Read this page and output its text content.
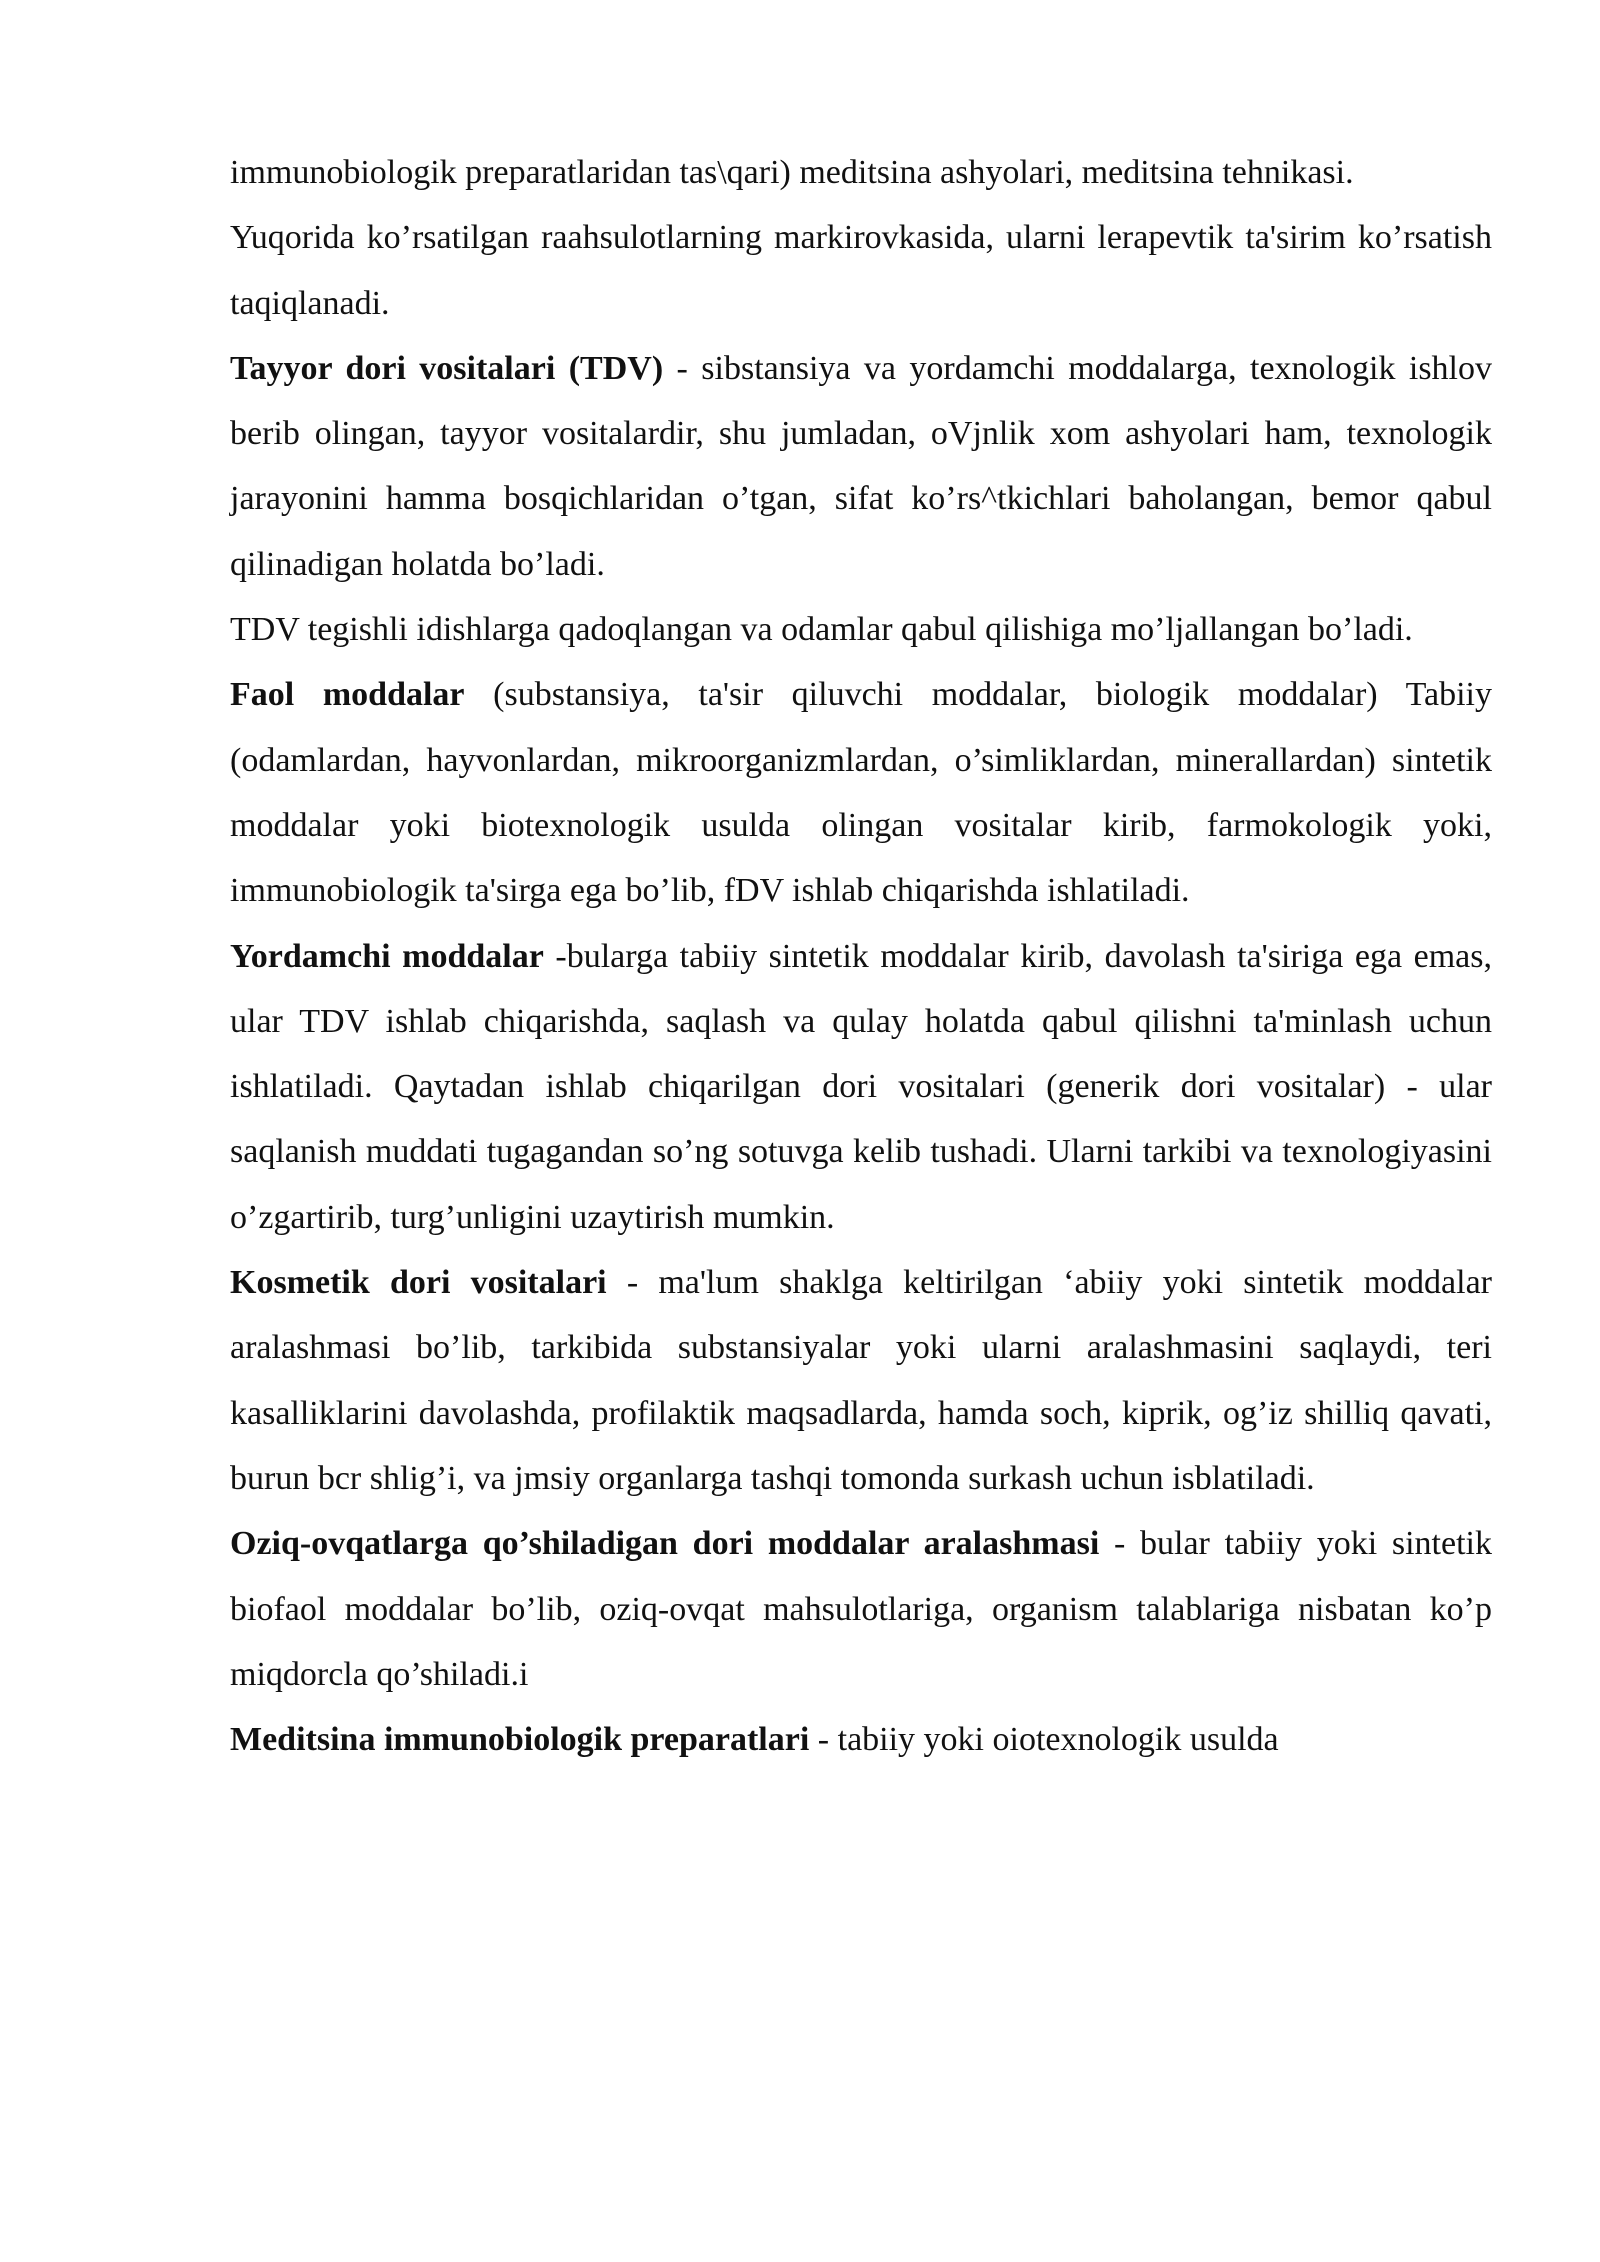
immunobiologik preparatlaridan tas\qari) meditsina ashyolari, meditsina tehnikasi.

Yuqorida ko’rsatilgan raahsulotlarning markirovkasida, ularni lerapevtik ta'sirim ko’rsatish taqiqlanadi.

Tayyor dori vositalari (TDV) - sibstansiya va yordamchi moddalarga, texnologik ishlov berib olingan, tayyor vositalardir, shu jumladan, oVjnlik xom ashyolari ham, texnologik jarayonini hamma bosqichlaridan o’tgan, sifat ko’rs^tkichlari baholangan, bemor qabul qilinadigan holatda bo’ladi.

TDV tegishli idishlarga qadoqlangan va odamlar qabul qilishiga mo’ljallangan bo’ladi.

Faol moddalar (substansiya, ta'sir qiluvchi moddalar, biologik moddalar) Tabiiy (odamlardan, hayvonlardan, mikroorganizmlardan, o’simliklardan, minerallardan) sintetik moddalar yoki biotexnologik usulda olingan vositalar kirib, farmokologik yoki, immunobiologik ta'sirga ega bo’lib, fDV ishlab chiqarishda ishlatiladi.

Yordamchi moddalar -bularga tabiiy sintetik moddalar kirib, davolash ta'siriga ega emas, ular TDV ishlab chiqarishda, saqlash va qulay holatda qabul qilishni ta'minlash uchun ishlatiladi. Qaytadan ishlab chiqarilgan dori vositalari (generik dori vositalar) - ular saqlanish muddati tugagandan so’ng sotuvga kelib tushadi. Ularni tarkibi va texnologiyasini o’zgartirib, turg’unligini uzaytirish mumkin.

Kosmetik dori vositalari - ma'lum shaklga keltirilgan ‘abiiy yoki sintetik moddalar aralashmasi bo’lib, tarkibida substansiyalar yoki ularni aralashmasini saqlaydi, teri kasalliklarini davolashda, profilaktik maqsadlarda, hamda soch, kiprik, og’iz shilliq qavati, burun bcr shlig’i, va jmsiy organlarga tashqi tomonda surkash uchun isblatiladi.

Oziq-ovqatlarga qo’shiladigan dori moddalar aralashmasi - bular tabiiy yoki sintetik biofaol moddalar bo’lib, oziq-ovqat mahsulotlariga, organism talablariga nisbatan ko’p miqdorcla qo’shiladi.i

Meditsina immunobiologik preparatlari - tabiiy yoki oiotexnologik usulda
